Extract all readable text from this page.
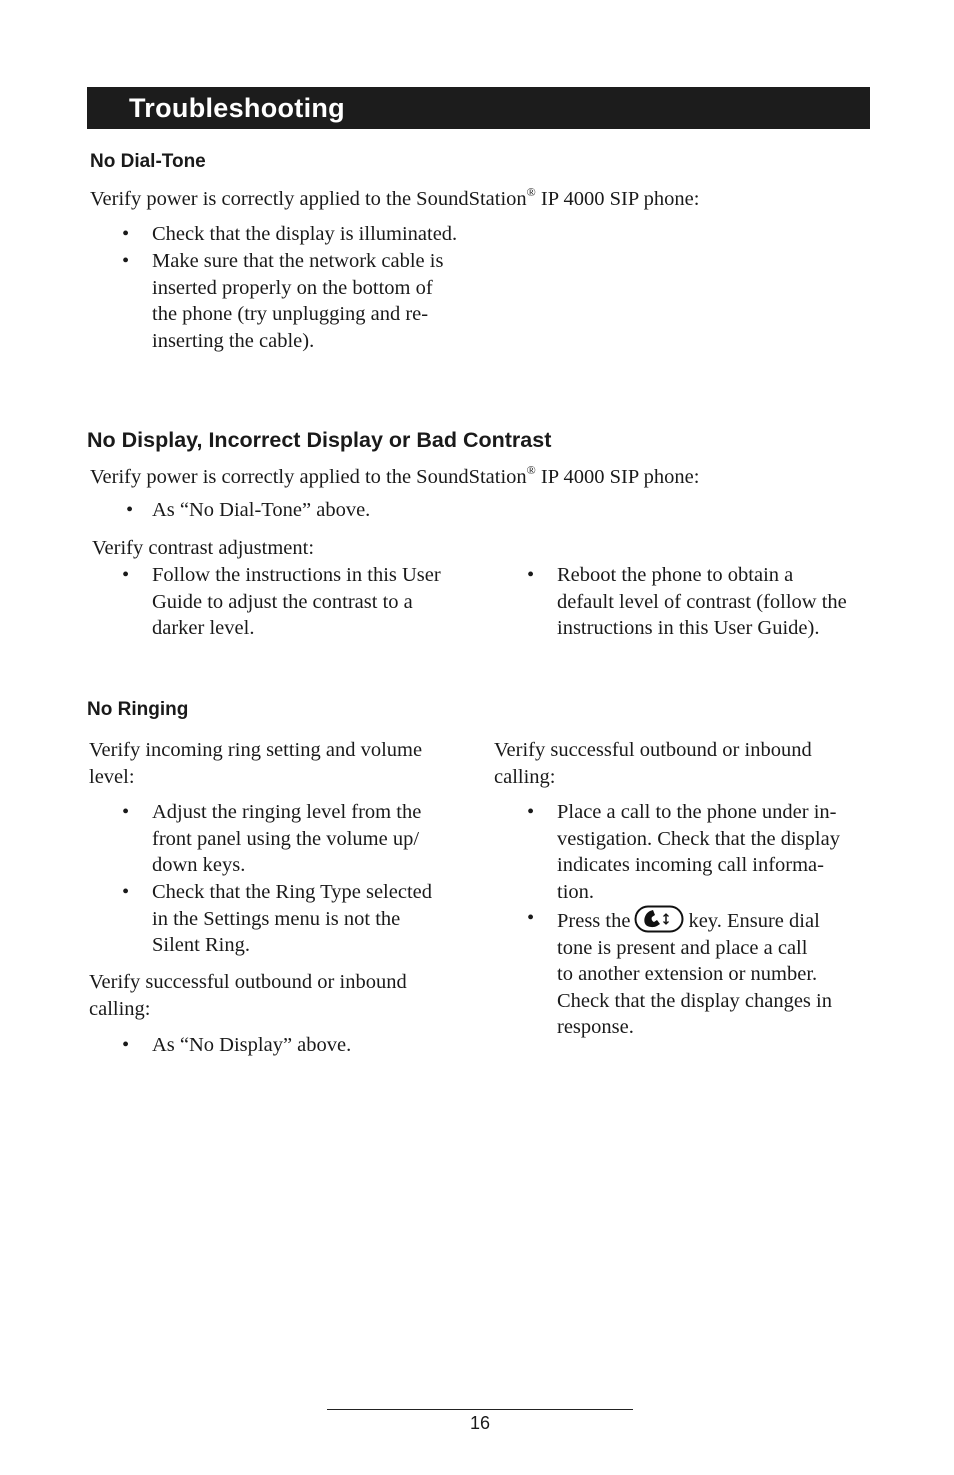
Troubleshooting
No Dial-Tone
Verify power is correctly applied to the SoundStation® IP 4000 SIP phone:
• Check that the display is illuminated.
• Make sure that the network cable is
inserted properly on the bottom of
the phone (try unplugging and re-
inserting the cable).
No Display, Incorrect Display or Bad Contrast
Verify power is correctly applied to the SoundStation® IP 4000 SIP phone:
• As “No Dial-Tone” above.
Verify contrast adjustment:
• Follow the instructions in this User
Guide to adjust the contrast to a
darker level.
• Reboot the phone to obtain a
default level of contrast (follow the
instructions in this User Guide).
No Ringing
Verify incoming ring setting and volume
level:
• Adjust the ringing level from the
front panel using the volume up/
down keys.
• Check that the Ring Type selected
in the Settings menu is not the
Silent Ring.
Verify successful outbound or inbound
calling:
• As “No Display” above.
Verify successful outbound or inbound
calling:
• Place a call to the phone under in-
vestigation. Check that the display
indicates incoming call informa-
tion.
• Press the	key. Ensure dial
tone is present and place a call
to another extension or number.
Check that the display changes in
response.
16
